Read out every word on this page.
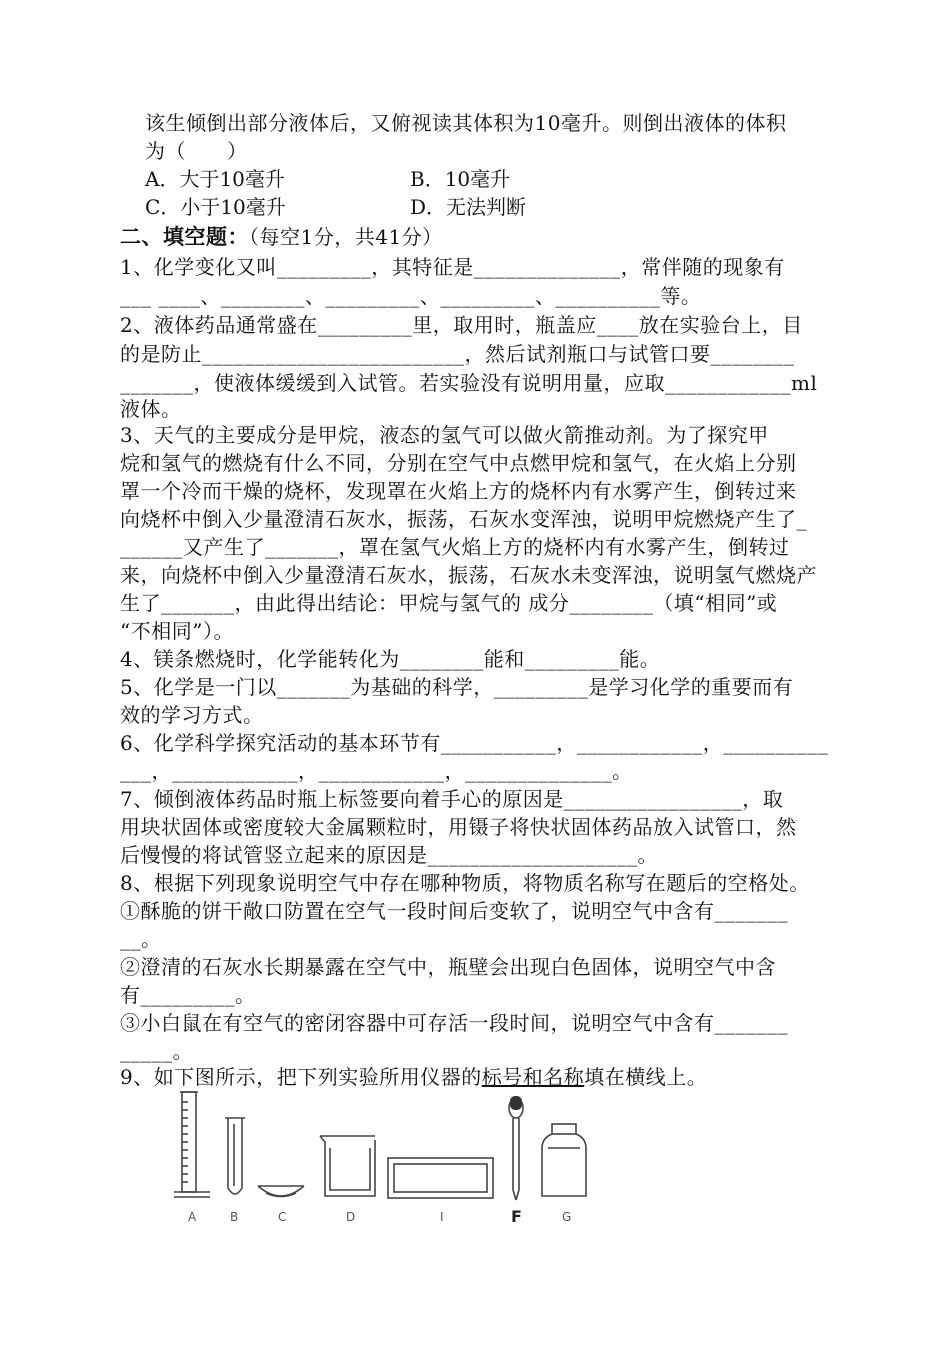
该生倾倒出部分液体后，又俯视读其体积为10毫升。则倒出液体的体积
为（　　）
A．大于10毫升	B．10毫升
C．小于10毫升	D．无法判断
二、填空题：（每空1分，共41分）
1、化学变化又叫_________，其特征是______________，常伴随的现象有
___ ____、________、_________、_________、__________等。
2、液体药品通常盛在_________里，取用时，瓶盖应____放在实验台上，目
的是防止_________________________，然后试剂瓶口与试管口要________
_______，使液体缓缓到入试管。若实验没有说明用量，应取____________ml
液体。
3、天气的主要成分是甲烷，液态的氢气可以做火箭推动剂。为了探究甲
烷和氢气的燃烧有什么不同，分别在空气中点燃甲烷和氢气，在火焰上分别
罩一个冷而干燥的烧杯，发现罩在火焰上方的烧杯内有水雾产生，倒转过来
向烧杯中倒入少量澄清石灰水，振荡，石灰水变浑浊，说明甲烷燃烧产生了_
______又产生了_______，罩在氢气火焰上方的烧杯内有水雾产生，倒转过
来，向烧杯中倒入少量澄清石灰水，振荡，石灰水未变浑浊，说明氢气燃烧产
生了_______，由此得出结论：甲烷与氢气的 成分________（填“相同”或
“不相同”）。
4、镁条燃烧时，化学能转化为________能和_________能。
5、化学是一门以_______为基础的科学，_________是学习化学的重要而有
效的学习方式。
6、化学科学探究活动的基本环节有___________，____________，__________
___，____________，____________，______________。
7、倾倒液体药品时瓶上标签要向着手心的原因是_________________，取
用块状固体或密度较大金属颗粒时，用镊子将快状固体药品放入试管口，然
后慢慢的将试管竖立起来的原因是____________________。
8、根据下列现象说明空气中存在哪种物质，将物质名称写在题后的空格处。
①酥脆的饼干敞口防置在空气一段时间后变软了，说明空气中含有_______
__。
②澄清的石灰水长期暴露在空气中，瓶壁会出现白色固体，说明空气中含
有_________。
③小白鼠在有空气的密闭容器中可存活一段时间，说明空气中含有_______
_____。
9、如下图所示，把下列实验所用仪器的标号和名称填在横线上。
A	B	C	D	I	F	G
